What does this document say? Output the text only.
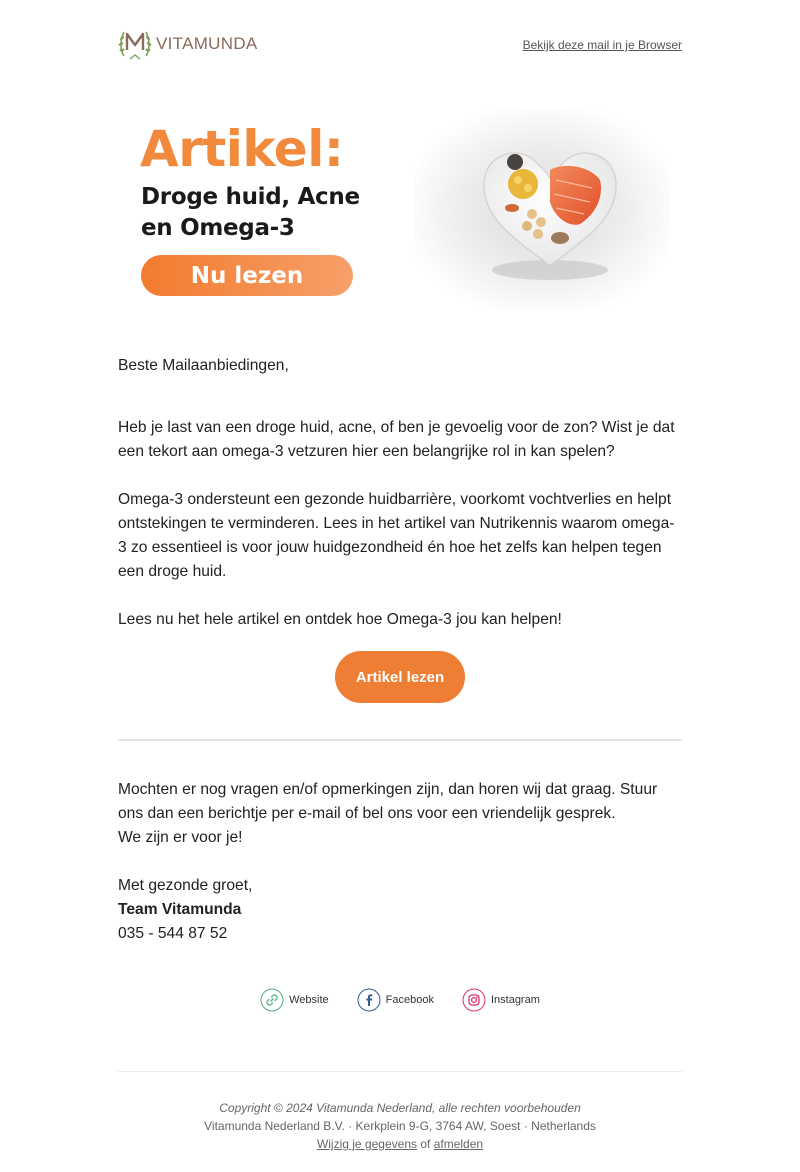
VITAMUNDA	Bekijk deze mail in je Browser
Artikel:
Droge huid, Acne
en Omega-3
Nu lezen

Beste Mailaanbiedingen,

Heb je last van een droge huid, acne, of ben je gevoelig voor de zon? Wist je dat een tekort aan omega-3 vetzuren hier een belangrijke rol in kan spelen?

Omega-3 ondersteunt een gezonde huidbarrière, voorkomt vochtverlies en helpt ontstekingen te verminderen. Lees in het artikel van Nutrikennis waarom omega-3 zo essentieel is voor jouw huidgezondheid én hoe het zelfs kan helpen tegen een droge huid.

Lees nu het hele artikel en ontdek hoe Omega-3 jou kan helpen!

Artikel lezen

Mochten er nog vragen en/of opmerkingen zijn, dan horen wij dat graag. Stuur ons dan een berichtje per e-mail of bel ons voor een vriendelijk gesprek.

We zijn er voor je!

Met gezonde groet,

Team Vitamunda

035 - 544 87 52

Website	Facebook	Instagram
Copyright © 2024 Vitamunda Nederland, alle rechten voorbehouden
Vitamunda Nederland B.V. · Kerkplein 9-G, 3764 AW, Soest · Netherlands
Wijzig je gegevens of afmelden
